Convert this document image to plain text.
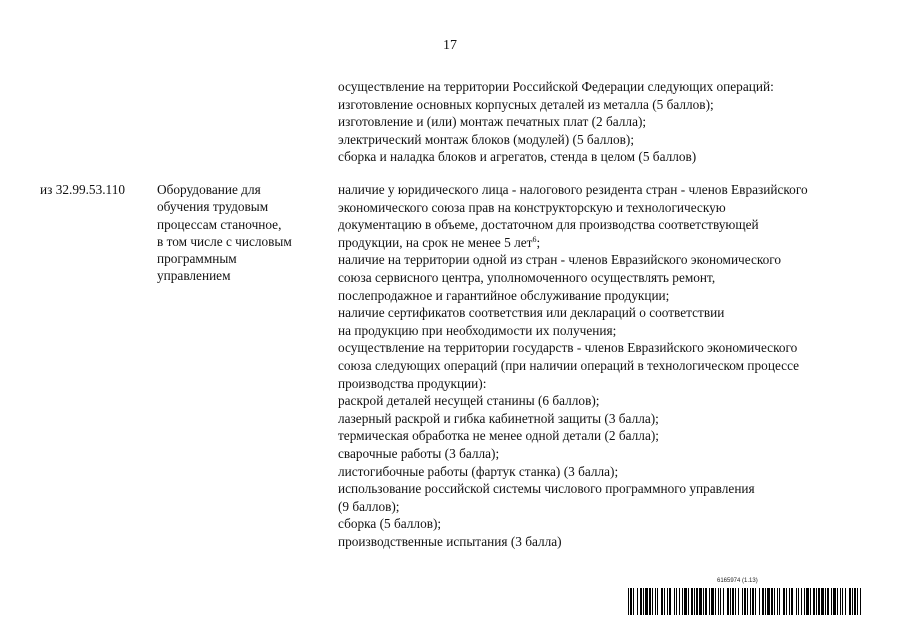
17
осуществление на территории Российской Федерации следующих операций:
изготовление основных корпусных деталей из металла (5 баллов);
изготовление и (или) монтаж печатных плат (2 балла);
электрический монтаж блоков (модулей) (5 баллов);
сборка и наладка блоков и агрегатов, стенда в целом (5 баллов)
из 32.99.53.110 Оборудование для
обучения трудовым
процессам станочное,
в том числе с числовым
программным
управлением
наличие у юридического лица - налогового резидента стран - членов Евразийского
экономического союза прав на конструкторскую и технологическую
документацию в объеме, достаточном для производства соответствующей
продукции, на срок не менее 5 лет$^6$;
наличие на территории одной из стран - членов Евразийского экономического
союза сервисного центра, уполномоченного осуществлять ремонт,
послепродажное и гарантийное обслуживание продукции;
наличие сертификатов соответствия или деклараций о соответствии
на продукцию при необходимости их получения;
осуществление на территории государств - членов Евразийского экономического
союза следующих операций (при наличии операций в технологическом процессе
производства продукции):
раскрой деталей несущей станины (6 баллов);
лазерный раскрой и гибка кабинетной защиты (3 балла);
термическая обработка не менее одной детали (2 балла);
сварочные работы (3 балла);
листогибочные работы (фартук станка) (3 балла);
использование российской системы числового программного управления
(9 баллов);
сборка (5 баллов);
производственные испытания (3 балла)
6165974 (1.13)
